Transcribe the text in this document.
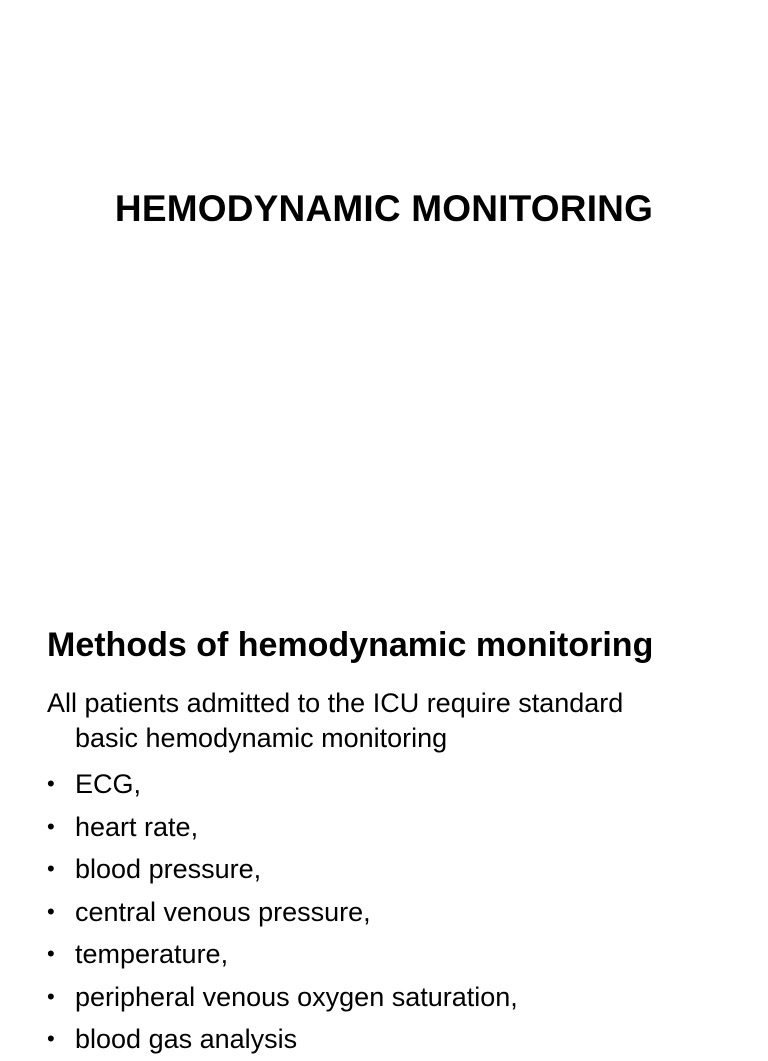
HEMODYNAMIC MONITORING
Methods of hemodynamic monitoring

All patients admitted to the ICU require standard
basic hemodynamic monitoring

• ECG,
• heart rate,
• blood pressure,
• central venous pressure,
• temperature,
• peripheral venous oxygen saturation,
• blood gas analysis
